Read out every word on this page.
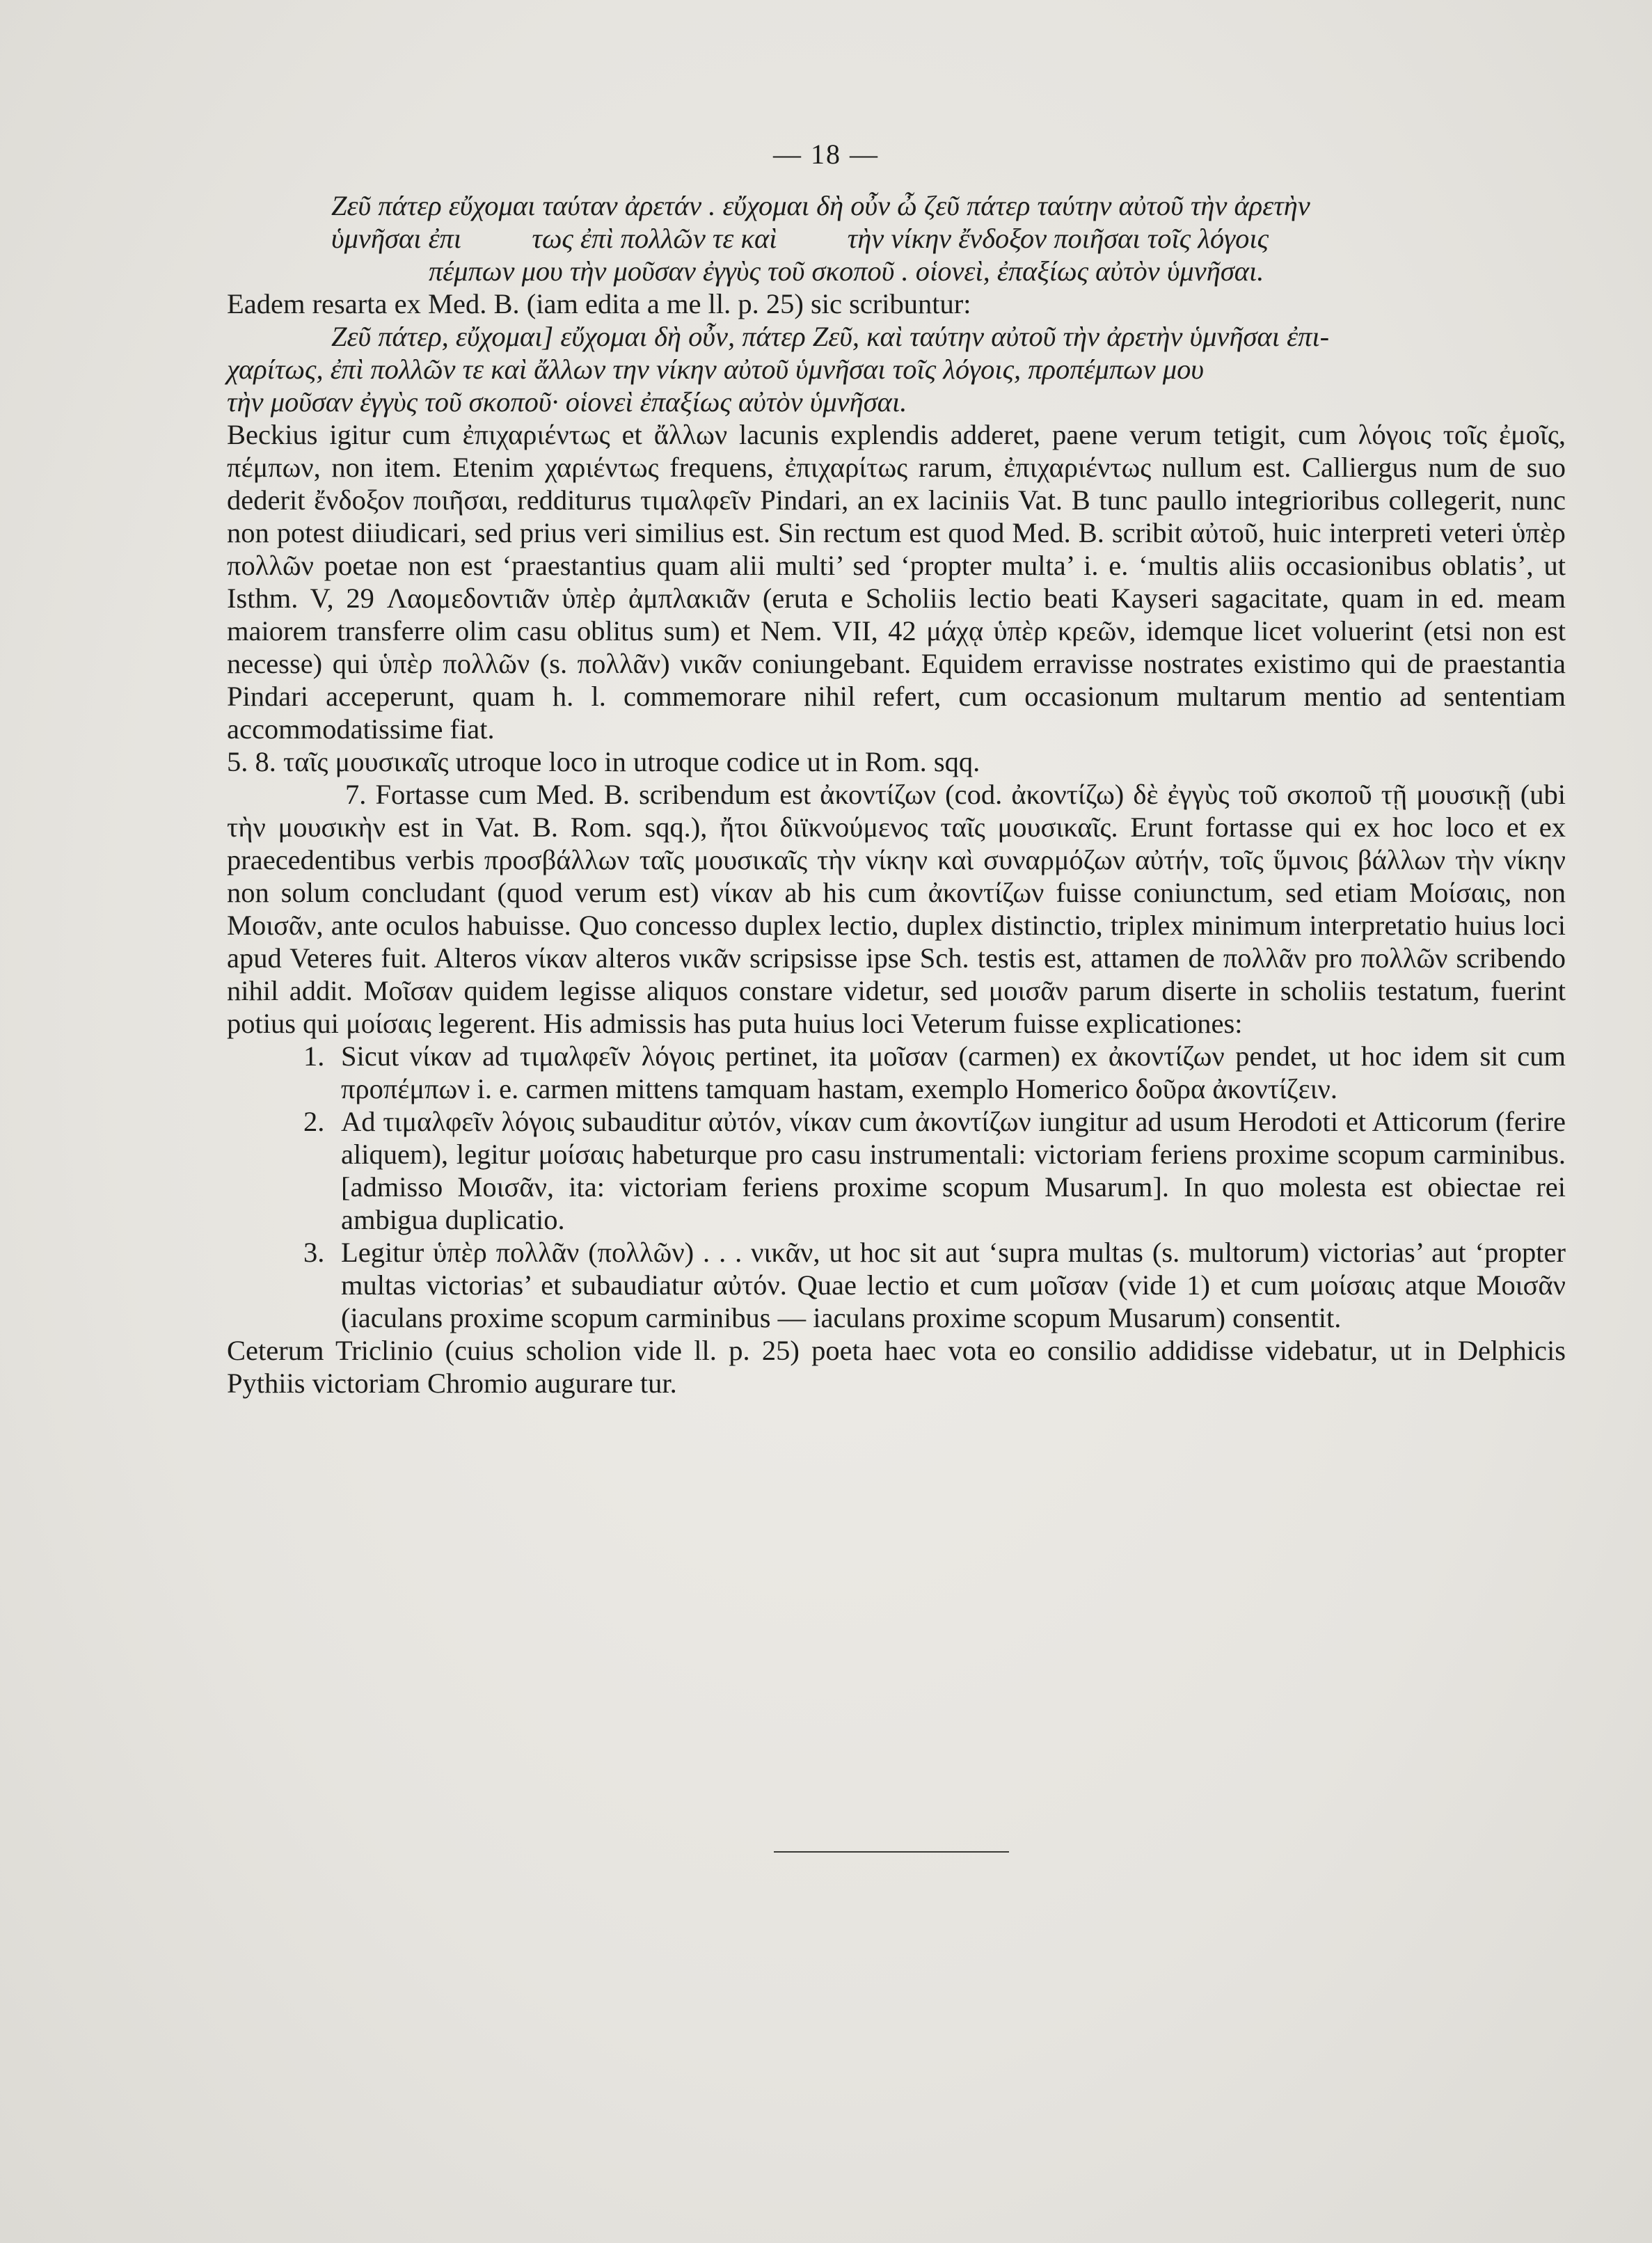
— 18 —
Ζεῦ πάτερ εὔχομαι ταύταν ἀρετάν . εὔχομαι δὴ οὖν ὦ ζεῦ πάτερ ταύτην αὐτοῦ τὴν ἀρετὴν
ὑμνῆσαι ἐπι          τως ἐπὶ πολλῶν τε καὶ          τὴν νίκην ἔνδοξον ποιῆσαι τοῖς λόγοις
πέμπων μου τὴν μοῦσαν ἐγγὺς τοῦ σκοποῦ . οἱονεὶ, ἐπαξίως αὐτὸν ὑμνῆσαι.

Eadem resarta ex Med. B. (iam edita a me ll. p. 25) sic scribuntur:

Ζεῦ πάτερ, εὔχομαι] εὔχομαι δὴ οὖν, πάτερ Ζεῦ, καὶ ταύτην αὐτοῦ τὴν ἀρετὴν ὑμνῆσαι ἐπι-
χαρίτως, ἐπὶ πολλῶν τε καὶ ἄλλων την νίκην αὐτοῦ ὑμνῆσαι τοῖς λόγοις, προπέμπων μου
τὴν μοῦσαν ἐγγὺς τοῦ σκοποῦ· οἱονεὶ ἐπαξίως αὐτὸν ὑμνῆσαι.

Beckius igitur cum ἐπιχαριέντως et ἄλλων lacunis explendis adderet, paene verum tetigit, cum λόγοις τοῖς ἐμοῖς, πέμπων, non item. Etenim χαριέντως frequens, ἐπιχαρίτως rarum, ἐπιχαριέντως nullum est. Calliergus num de suo dederit ἔνδοξον ποιῆσαι, redditurus τιμαλφεῖν Pindari, an ex laciniis Vat. B tunc paullo integrioribus collegerit, nunc non potest diiudicari, sed prius veri similius est. Sin rectum est quod Med. B. scribit αὐτοῦ, huic interpreti veteri ὑπὲρ πολλῶν poetae non est ‘praestantius quam alii multi’ sed ‘propter multa’ i. e. ‘multis aliis occasionibus oblatis’, ut Isthm. V, 29 Λαομεδοντιᾶν ὑπὲρ ἀμπλακιᾶν (eruta e Scholiis lectio beati Kayseri sagacitate, quam in ed. meam maiorem transferre olim casu oblitus sum) et Nem. VII, 42 μάχᾳ ὑπὲρ κρεῶν, idemque licet voluerint (etsi non est necesse) qui ὑπὲρ πολλῶν (s. πολλᾶν) νικᾶν coniungebant. Equidem erravisse nostrates existimo qui de praestantia Pindari acceperunt, quam h. l. commemorare nihil refert, cum occasionum multarum mentio ad sententiam accommodatissime fiat.

5. 8. ταῖς μουσικαῖς utroque loco in utroque codice ut in Rom. sqq.

7. Fortasse cum Med. B. scribendum est ἀκοντίζων (cod. ἀκοντίζω) δὲ ἐγγὺς τοῦ σκοποῦ τῇ μουσικῇ (ubi τὴν μουσικὴν est in Vat. B. Rom. sqq.), ἤτοι διϊκνούμενος ταῖς μουσικαῖς. Erunt fortasse qui ex hoc loco et ex praecedentibus verbis προσβάλλων ταῖς μουσικαῖς τὴν νίκην καὶ συναρμόζων αὐτήν, τοῖς ὕμνοις βάλλων τὴν νίκην non solum concludant (quod verum est) νίκαν ab his cum ἀκοντίζων fuisse coniunctum, sed etiam Μοίσαις, non Μοισᾶν, ante oculos habuisse. Quo concesso duplex lectio, duplex distinctio, triplex minimum interpretatio huius loci apud Veteres fuit. Alteros νίκαν alteros νικᾶν scripsisse ipse Sch. testis est, attamen de πολλᾶν pro πολλῶν scribendo nihil addit. Μοῖσαν quidem legisse aliquos constare videtur, sed μοισᾶν parum diserte in scholiis testatum, fuerint potius qui μοίσαις legerent. His admissis has puta huius loci Veterum fuisse explicationes:

1. Sicut νίκαν ad τιμαλφεῖν λόγοις pertinet, ita μοῖσαν (carmen) ex ἀκοντίζων pendet, ut hoc idem sit cum προπέμπων i. e. carmen mittens tamquam hastam, exemplo Homerico δοῦρα ἀκοντίζειν.
2. Ad τιμαλφεῖν λόγοις subauditur αὐτόν, νίκαν cum ἀκοντίζων iungitur ad usum Herodoti et Atticorum (ferire aliquem), legitur μοίσαις habeturque pro casu instrumentali: victoriam feriens proxime scopum carminibus. [admisso Μοισᾶν, ita: victoriam feriens proxime scopum Musarum]. In quo molesta est obiectae rei ambigua duplicatio.
3. Legitur ὑπὲρ πολλᾶν (πολλῶν) . . . νικᾶν, ut hoc sit aut ‘supra multas (s. multorum) victorias’ aut ‘propter multas victorias’ et subaudiatur αὐτόν. Quae lectio et cum μοῖσαν (vide 1) et cum μοίσαις atque Μοισᾶν (iaculans proxime scopum carminibus — iaculans proxime scopum Musarum) consentit.

Ceterum Triclinio (cuius scholion vide ll. p. 25) poeta haec vota eo consilio addidisse videbatur, ut in Delphicis Pythiis victoriam Chromio augurare tur.
